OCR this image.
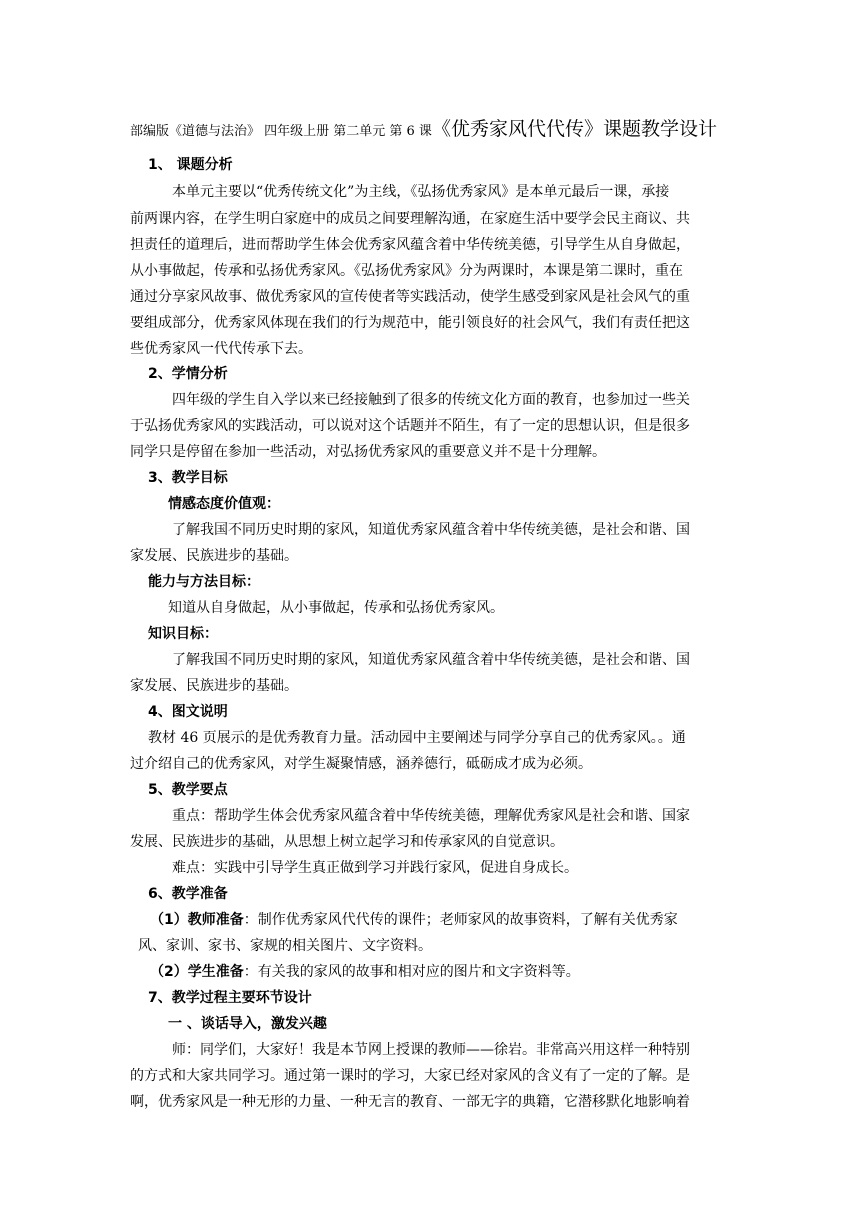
部编版《道德与法治》 四年级上册 第二单元 第 6 课《优秀家风代代传》课题教学设计
1、 课题分析
本单元主要以“优秀传统文化”为主线，《弘扬优秀家风》是本单元最后一课，承接
前两课内容，在学生明白家庭中的成员之间要理解沟通，在家庭生活中要学会民主商议、共
担责任的道理后，进而帮助学生体会优秀家风蕴含着中华传统美德，引导学生从自身做起，
从小事做起，传承和弘扬优秀家风。《弘扬优秀家风》分为两课时，本课是第二课时，重在
通过分享家风故事、做优秀家风的宣传使者等实践活动，使学生感受到家风是社会风气的重
要组成部分，优秀家风体现在我们的行为规范中，能引领良好的社会风气，我们有责任把这
些优秀家风一代代传承下去。
2、学情分析
四年级的学生自入学以来已经接触到了很多的传统文化方面的教育，也参加过一些关
于弘扬优秀家风的实践活动，可以说对这个话题并不陌生，有了一定的思想认识，但是很多
同学只是停留在参加一些活动，对弘扬优秀家风的重要意义并不是十分理解。
3、教学目标
情感态度价值观：
了解我国不同历史时期的家风，知道优秀家风蕴含着中华传统美德，是社会和谐、国
家发展、民族进步的基础。
能力与方法目标：
知道从自身做起，从小事做起，传承和弘扬优秀家风。
知识目标：
了解我国不同历史时期的家风，知道优秀家风蕴含着中华传统美德，是社会和谐、国
家发展、民族进步的基础。
4、图文说明
教材 46 页展示的是优秀教育力量。活动园中主要阐述与同学分享自己的优秀家风。。通
过介绍自己的优秀家风，对学生凝聚情感，涵养德行，砥砺成才成为必须。
5、教学要点
重点：帮助学生体会优秀家风蕴含着中华传统美德，理解优秀家风是社会和谐、国家
发展、民族进步的基础，从思想上树立起学习和传承家风的自觉意识。
难点：实践中引导学生真正做到学习并践行家风，促进自身成长。
6、教学准备
（1）教师准备：制作优秀家风代代传的课件；老师家风的故事资料，了解有关优秀家
风、家训、家书、家规的相关图片、文字资料。
（2）学生准备：有关我的家风的故事和相对应的图片和文字资料等。
7、教学过程主要环节设计
一 、谈话导入，激发兴趣
师：同学们，大家好！我是本节网上授课的教师——徐岩。非常高兴用这样一种特别
的方式和大家共同学习。通过第一课时的学习，大家已经对家风的含义有了一定的了解。是
啊，优秀家风是一种无形的力量、一种无言的教育、一部无字的典籍，它潜移默化地影响着
